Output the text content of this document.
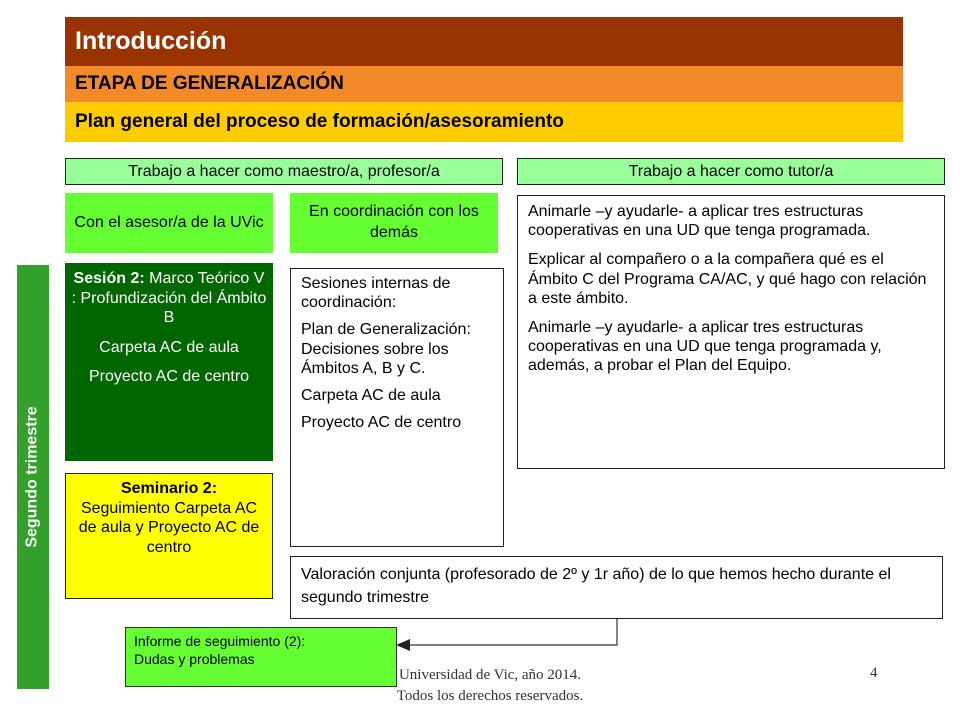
Introducción
ETAPA DE GENERALIZACIÓN
Plan general del proceso de formación/asesoramiento
Trabajo a hacer como maestro/a, profesor/a	Trabajo a hacer como tutor/a
Con el asesor/a de la UVic
En coordinación con los demás
Segundo trimestre

Sesión 2: Marco Teórico V : Profundización del Ámbito B

Carpeta AC de aula

Proyecto AC de centro

Seminario 2:
Seguimiento Carpeta AC de aula y Proyecto AC de centro

Sesiones internas de coordinación:

Plan de Generalización: Decisiones sobre los Ámbitos A, B y C.

Carpeta AC de aula

Proyecto AC de centro

Animarle –y ayudarle- a aplicar tres estructuras cooperativas en una UD que tenga programada.

Explicar al compañero o a la compañera qué es el Ámbito C del Programa CA/AC, y qué hago con relación a este ámbito.

Animarle –y ayudarle- a aplicar tres estructuras cooperativas en una UD que tenga programada y, además, a probar el Plan del Equipo.

Valoración conjunta (profesorado de 2º y 1r año) de lo que hemos hecho durante el segundo trimestre
Universidad de Vic, año 2014.
Todos los derechos reservados.
4
Informe de seguimiento (2):
Dudas y problemas
